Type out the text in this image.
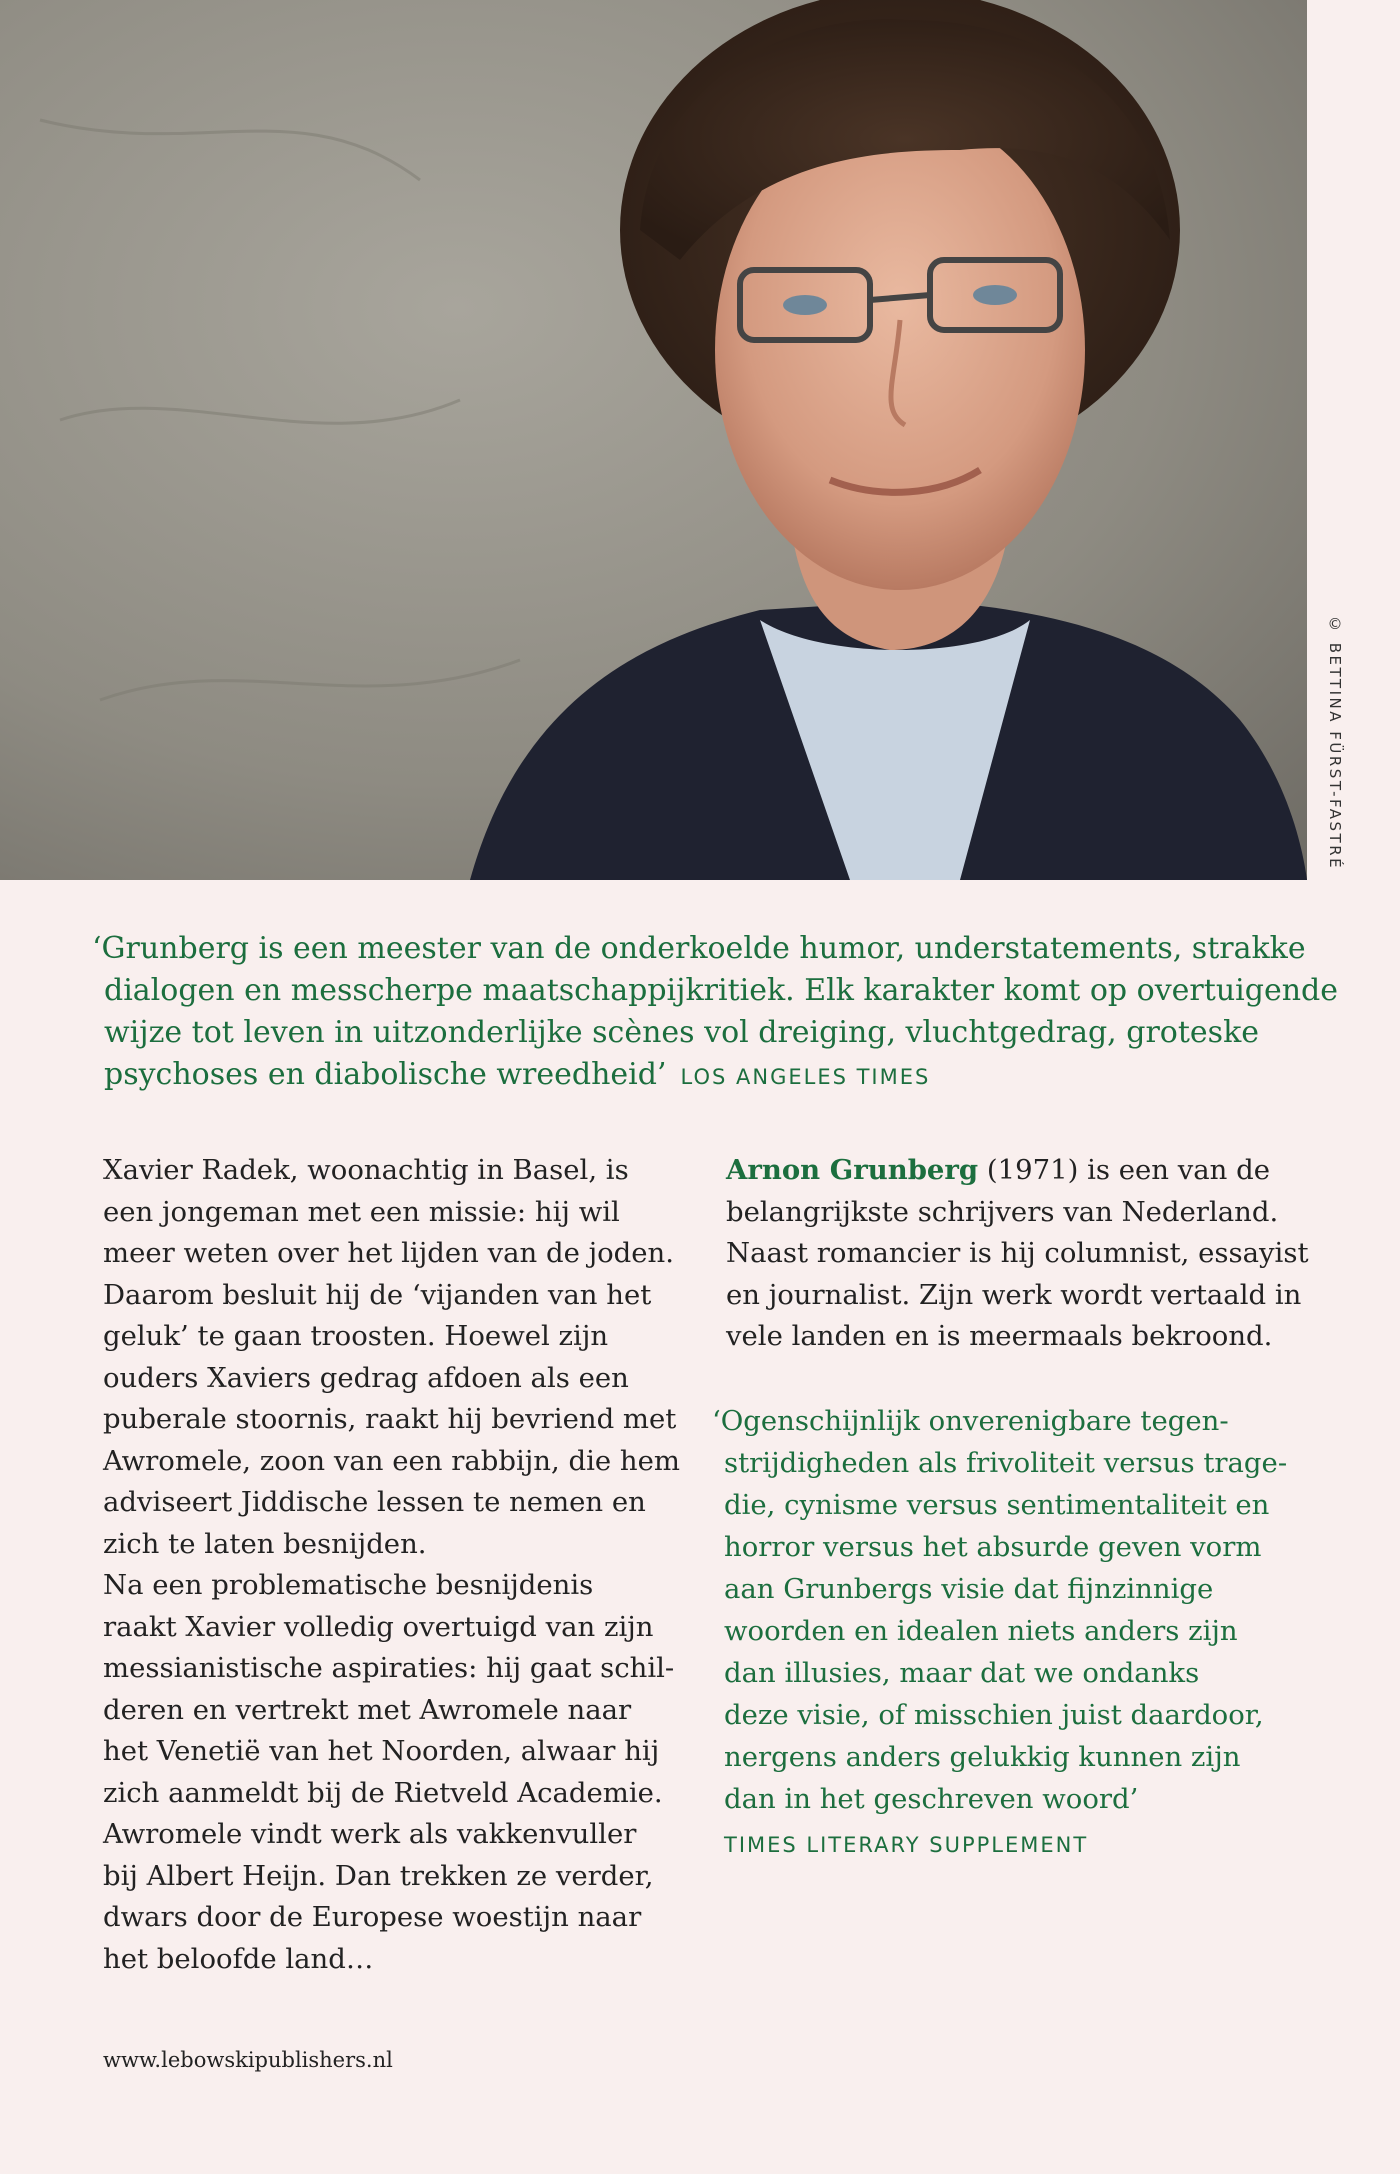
© BETTINA FÜRST-FASTRÉ
‘Grunberg is een meester van de onderkoelde humor, understatements, strakke
dialogen en messcherpe maatschappijkritiek. Elk karakter komt op overtuigende
wijze tot leven in uitzonderlijke scènes vol dreiging, vluchtgedrag, groteske
psychoses en diabolische wreedheid’ LOS ANGELES TIMES
Xavier Radek, woonachtig in Basel, is
een jongeman met een missie: hij wil
meer weten over het lijden van de joden.
Daarom besluit hij de ‘vijanden van het
geluk’ te gaan troosten. Hoewel zijn
ouders Xaviers gedrag afdoen als een
puberale stoornis, raakt hij bevriend met
Awromele, zoon van een rabbijn, die hem
adviseert Jiddische lessen te nemen en
zich te laten besnijden.
Na een problematische besnijdenis
raakt Xavier volledig overtuigd van zijn
messianistische aspiraties: hij gaat schil-
deren en vertrekt met Awromele naar
het Venetië van het Noorden, alwaar hij
zich aanmeldt bij de Rietveld Academie.
Awromele vindt werk als vakkenvuller
bij Albert Heijn. Dan trekken ze verder,
dwars door de Europese woestijn naar
het beloofde land…
Arnon Grunberg (1971) is een van de
belangrijkste schrijvers van Nederland.
Naast romancier is hij columnist, essayist
en journalist. Zijn werk wordt vertaald in
vele landen en is meermaals bekroond.
‘Ogenschijnlijk onverenigbare tegen-
strijdigheden als frivoliteit versus trage-
die, cynisme versus sentimentaliteit en
horror versus het absurde geven vorm
aan Grunbergs visie dat fijnzinnige
woorden en idealen niets anders zijn
dan illusies, maar dat we ondanks
deze visie, of misschien juist daardoor,
nergens anders gelukkig kunnen zijn
dan in het geschreven woord’
TIMES LITERARY SUPPLEMENT
www.lebowskipublishers.nl
